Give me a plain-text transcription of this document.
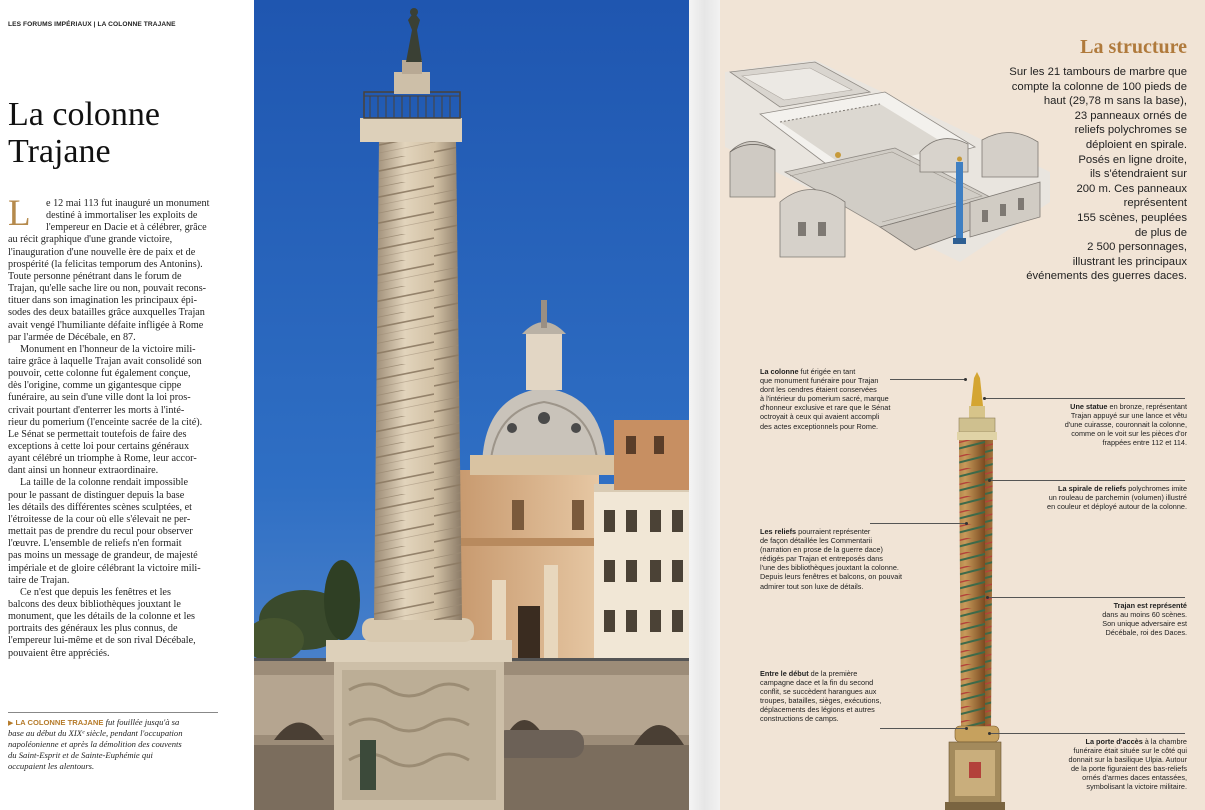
LES FORUMS IMPÉRIAUX | LA COLONNE TRAJANE
La colonne
Trajane
L e 12 mai 113 fut inauguré un monument
destiné à immortaliser les exploits de
l'empereur en Dacie et à célébrer, grâce
au récit graphique d'une grande victoire,
l'inauguration d'une nouvelle ère de paix et de
prospérité (la felicitas temporum des Antonins).
Toute personne pénétrant dans le forum de
Trajan, qu'elle sache lire ou non, pouvait recons-
tituer dans son imagination les principaux épi-
sodes des deux batailles grâce auxquelles Trajan
avait vengé l'humiliante défaite infligée à Rome
par l'armée de Décébale, en 87.
Monument en l'honneur de la victoire mili-
taire grâce à laquelle Trajan avait consolidé son
pouvoir, cette colonne fut également conçue,
dès l'origine, comme un gigantesque cippe
funéraire, au sein d'une ville dont la loi pros-
crivait pourtant d'enterrer les morts à l'inté-
rieur du pomerium (l'enceinte sacrée de la cité).
Le Sénat se permettait toutefois de faire des
exceptions à cette loi pour certains généraux
ayant célébré un triomphe à Rome, leur accor-
dant ainsi un honneur extraordinaire.
La taille de la colonne rendait impossible
pour le passant de distinguer depuis la base
les détails des différentes scènes sculptées, et
l'étroitesse de la cour où elle s'élevait ne per-
mettait pas de prendre du recul pour observer
l'œuvre. L'ensemble de reliefs n'en formait
pas moins un message de grandeur, de majesté
impériale et de gloire célébrant la victoire mili-
taire de Trajan.
Ce n'est que depuis les fenêtres et les
balcons des deux bibliothèques jouxtant le
monument, que les détails de la colonne et les
portraits des généraux les plus connus, de
l'empereur lui-même et de son rival Décébale,
pouvaient être appréciés.
▶ LA COLONNE TRAJANE fut fouillée jusqu'à sa
base au début du XIXᵉ siècle, pendant l'occupation
napoléonienne et après la démolition des couvents
du Saint-Esprit et de Sainte-Euphémie qui
occupaient les alentours.
La structure
Sur les 21 tambours de marbre que
compte la colonne de 100 pieds de
haut (29,78 m sans la base),
23 panneaux ornés de
reliefs polychromes se
déploient en spirale.
Posés en ligne droite,
ils s'étendraient sur
200 m. Ces panneaux
représentent
155 scènes, peuplées
de plus de
2 500 personnages,
illustrant les principaux
événements des guerres daces.
La colonne fut érigée en tant
que monument funéraire pour Trajan
dont les cendres étaient conservées
à l'intérieur du pomerium sacré, marque
d'honneur exclusive et rare que le Sénat
octroyait à ceux qui avaient accompli
des actes exceptionnels pour Rome.
Une statue en bronze, représentant
Trajan appuyé sur une lance et vêtu
d'une cuirasse, couronnait la colonne,
comme on le voit sur les pièces d'or
frappées entre 112 et 114.
La spirale de reliefs polychromes imite
un rouleau de parchemin (volumen) illustré
en couleur et déployé autour de la colonne.
Les reliefs pourraient représenter
de façon détaillée les Commentarii
(narration en prose de la guerre dace)
rédigés par Trajan et entreposés dans
l'une des bibliothèques jouxtant la colonne.
Depuis leurs fenêtres et balcons, on pouvait
admirer tout son luxe de détails.
Trajan est représenté
dans au moins 60 scènes.
Son unique adversaire est
Décébale, roi des Daces.
Entre le début de la première
campagne dace et la fin du second
conflit, se succèdent harangues aux
troupes, batailles, sièges, exécutions,
déplacements des légions et autres
constructions de camps.
La porte d'accès à la chambre
funéraire était située sur le côté qui
donnait sur la basilique Ulpia. Autour
de la porte figuraient des bas-reliefs
ornés d'armes daces entassées,
symbolisant la victoire militaire.
